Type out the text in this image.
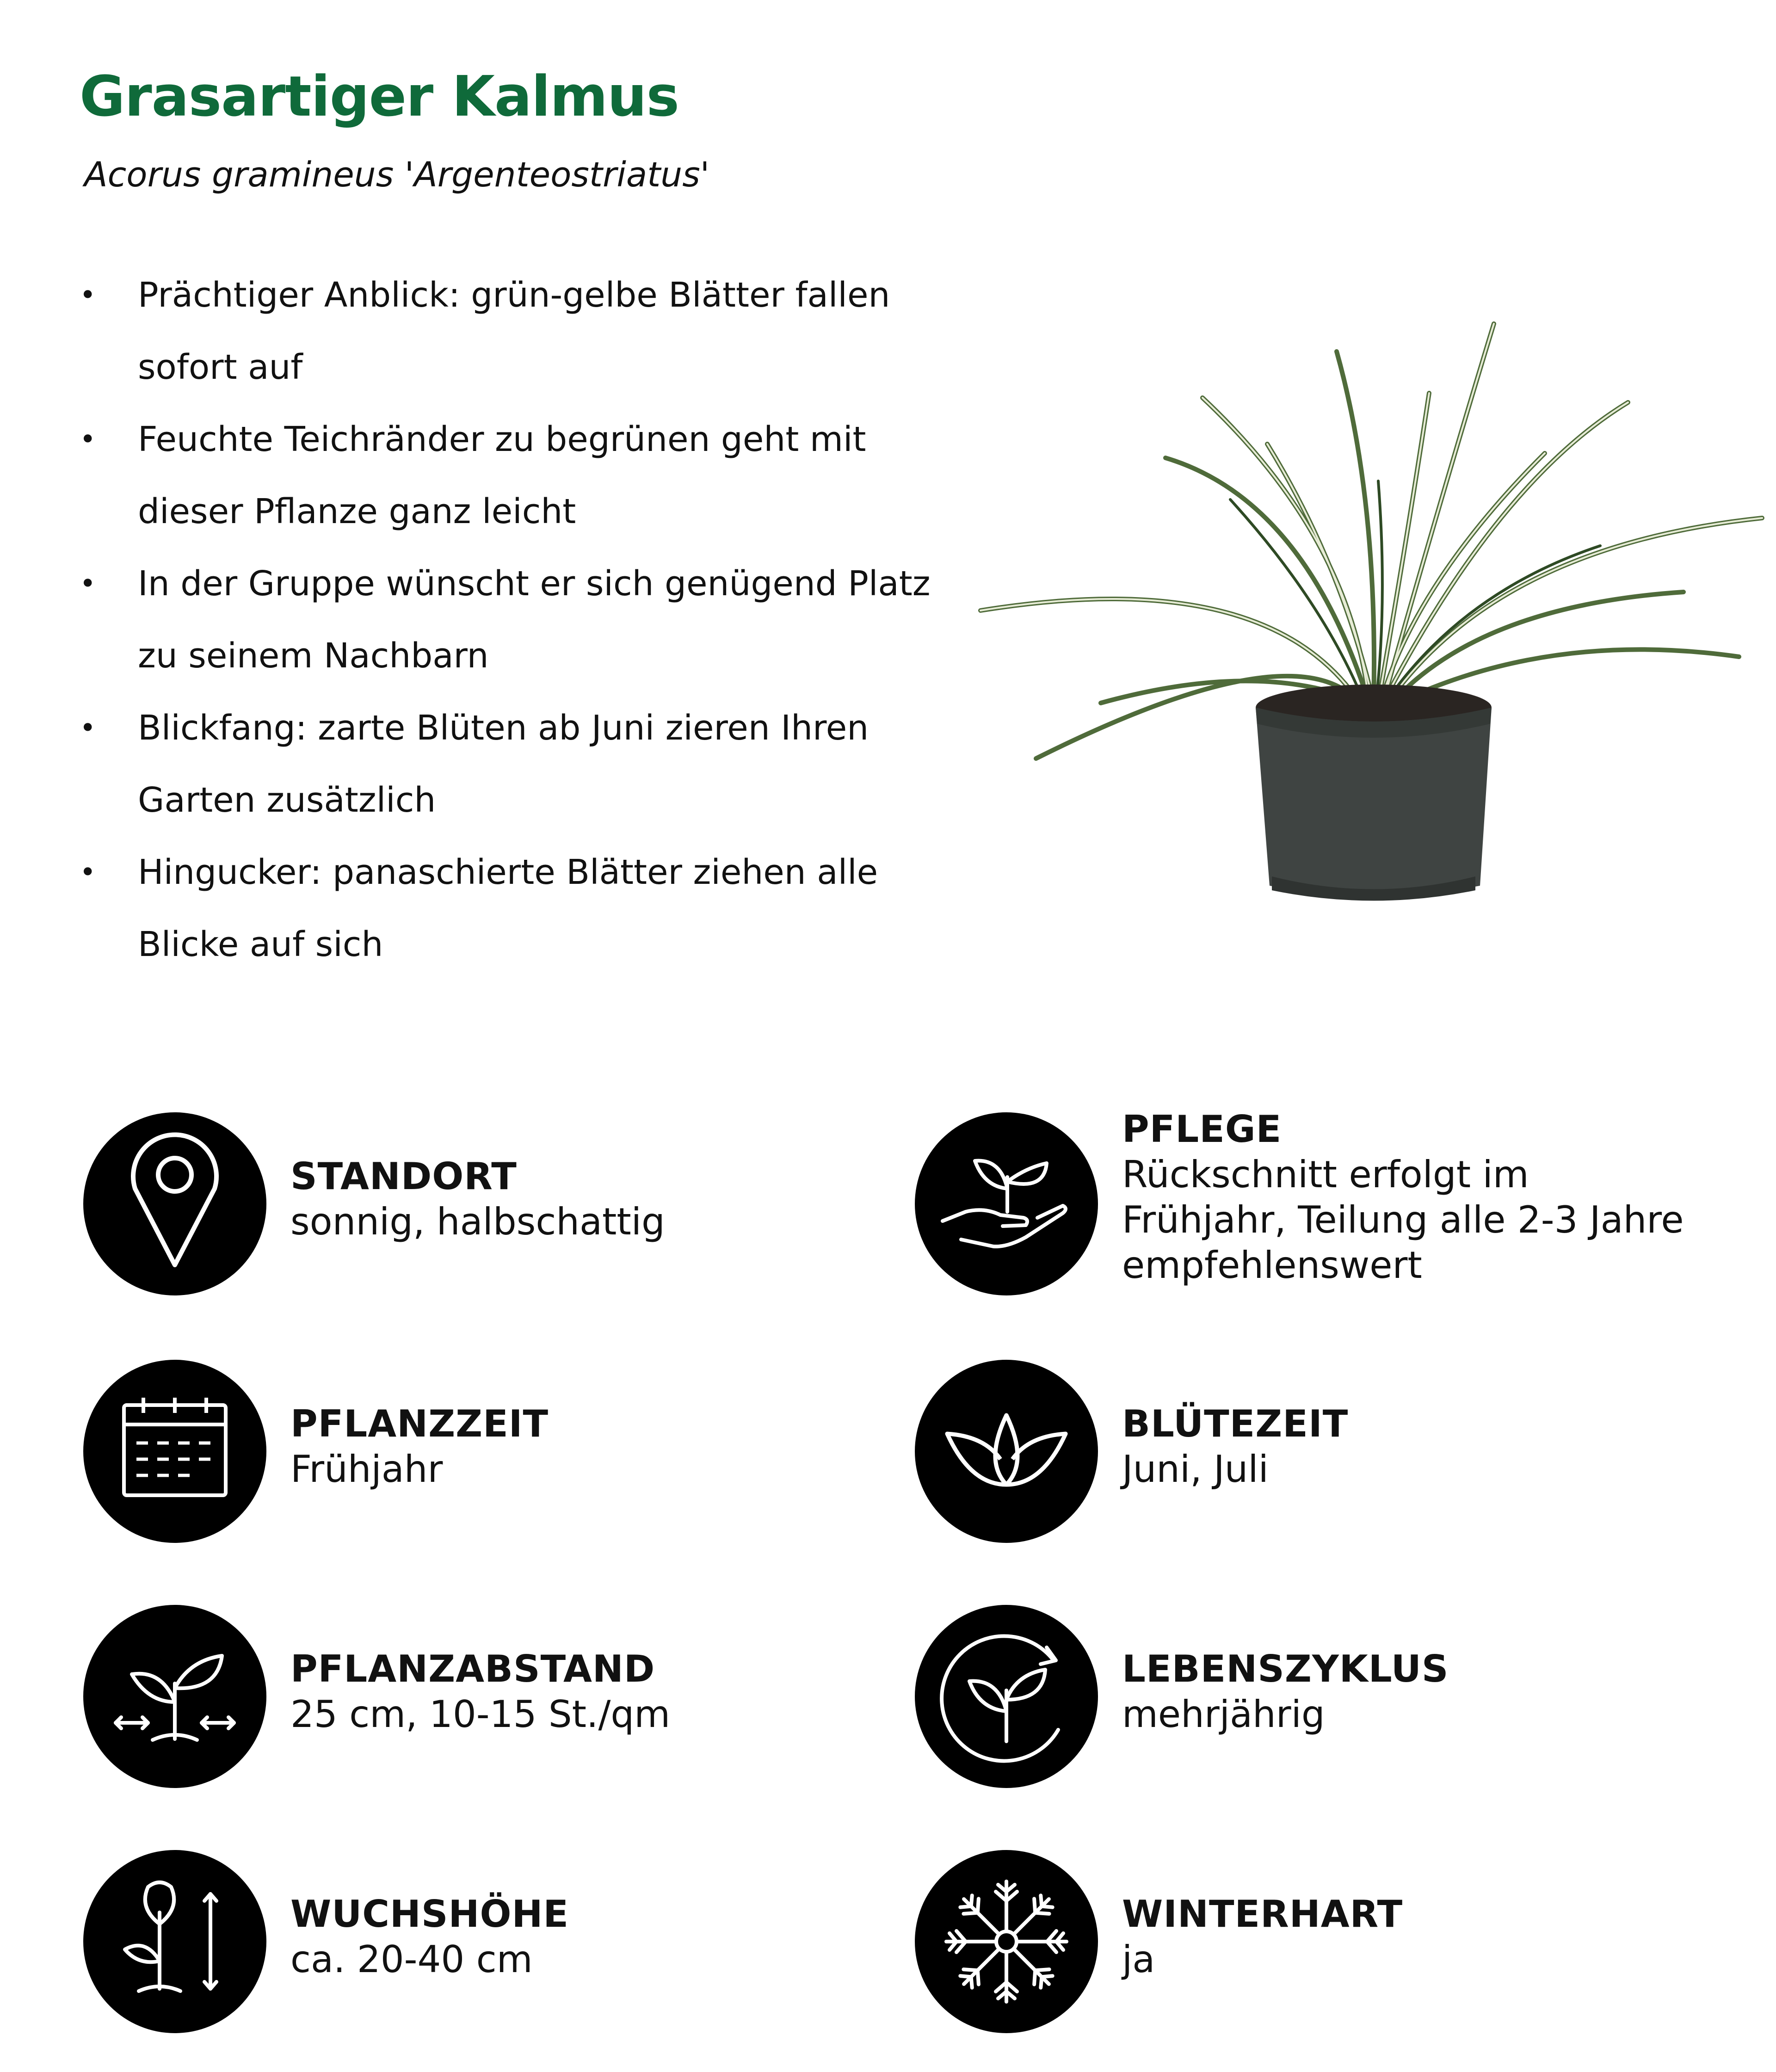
Grasartiger Kalmus
Acorus gramineus 'Argenteostriatus'
• Prächtiger Anblick: grün-gelbe Blätter fallen sofort auf
• Feuchte Teichränder zu begrünen geht mit dieser Pflanze ganz leicht
• In der Gruppe wünscht er sich genügend Platz zu seinem Nachbarn
• Blickfang: zarte Blüten ab Juni zieren Ihren Garten zusätzlich
• Hingucker: panaschierte Blätter ziehen alle Blicke auf sich
STANDORT
sonnig, halbschattig
PFLEGE
Rückschnitt erfolgt im Frühjahr, Teilung alle 2-3 Jahre empfehlenswert
PFLANZZEIT
Frühjahr
BLÜTEZEIT
Juni, Juli
PFLANZABSTAND
25 cm, 10-15 St./qm
LEBENSZYKLUS
mehrjährig
WUCHSHÖHE
ca. 20-40 cm
WINTERHART
ja
